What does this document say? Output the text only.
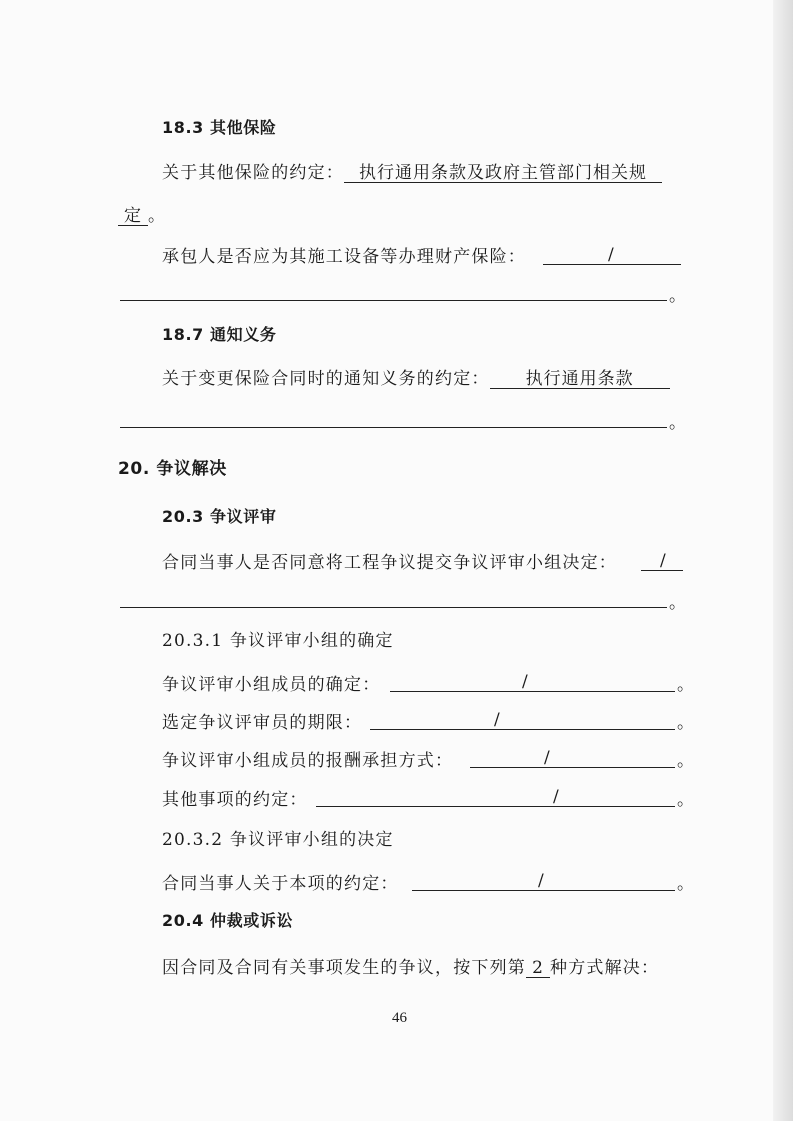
18.3 其他保险
关于其他保险的约定： 执行通用条款及政府主管部门相关规
定 。
承包人是否应为其施工设备等办理财产保险：	/
。
18.7 通知义务
关于变更保险合同时的通知义务的约定： 执行通用条款
。
20. 争议解决
20.3 争议评审
合同当事人是否同意将工程争议提交争议评审小组决定：	/
。
20.3.1 争议评审小组的确定
争议评审小组成员的确定：	/	。
选定争议评审员的期限：	/	。
争议评审小组成员的报酬承担方式：	/	。
其他事项的约定：	/	。
20.3.2 争议评审小组的决定
合同当事人关于本项的约定：	/	。
20.4 仲裁或诉讼
因合同及合同有关事项发生的争议，按下列第 2 种方式解决：
46
